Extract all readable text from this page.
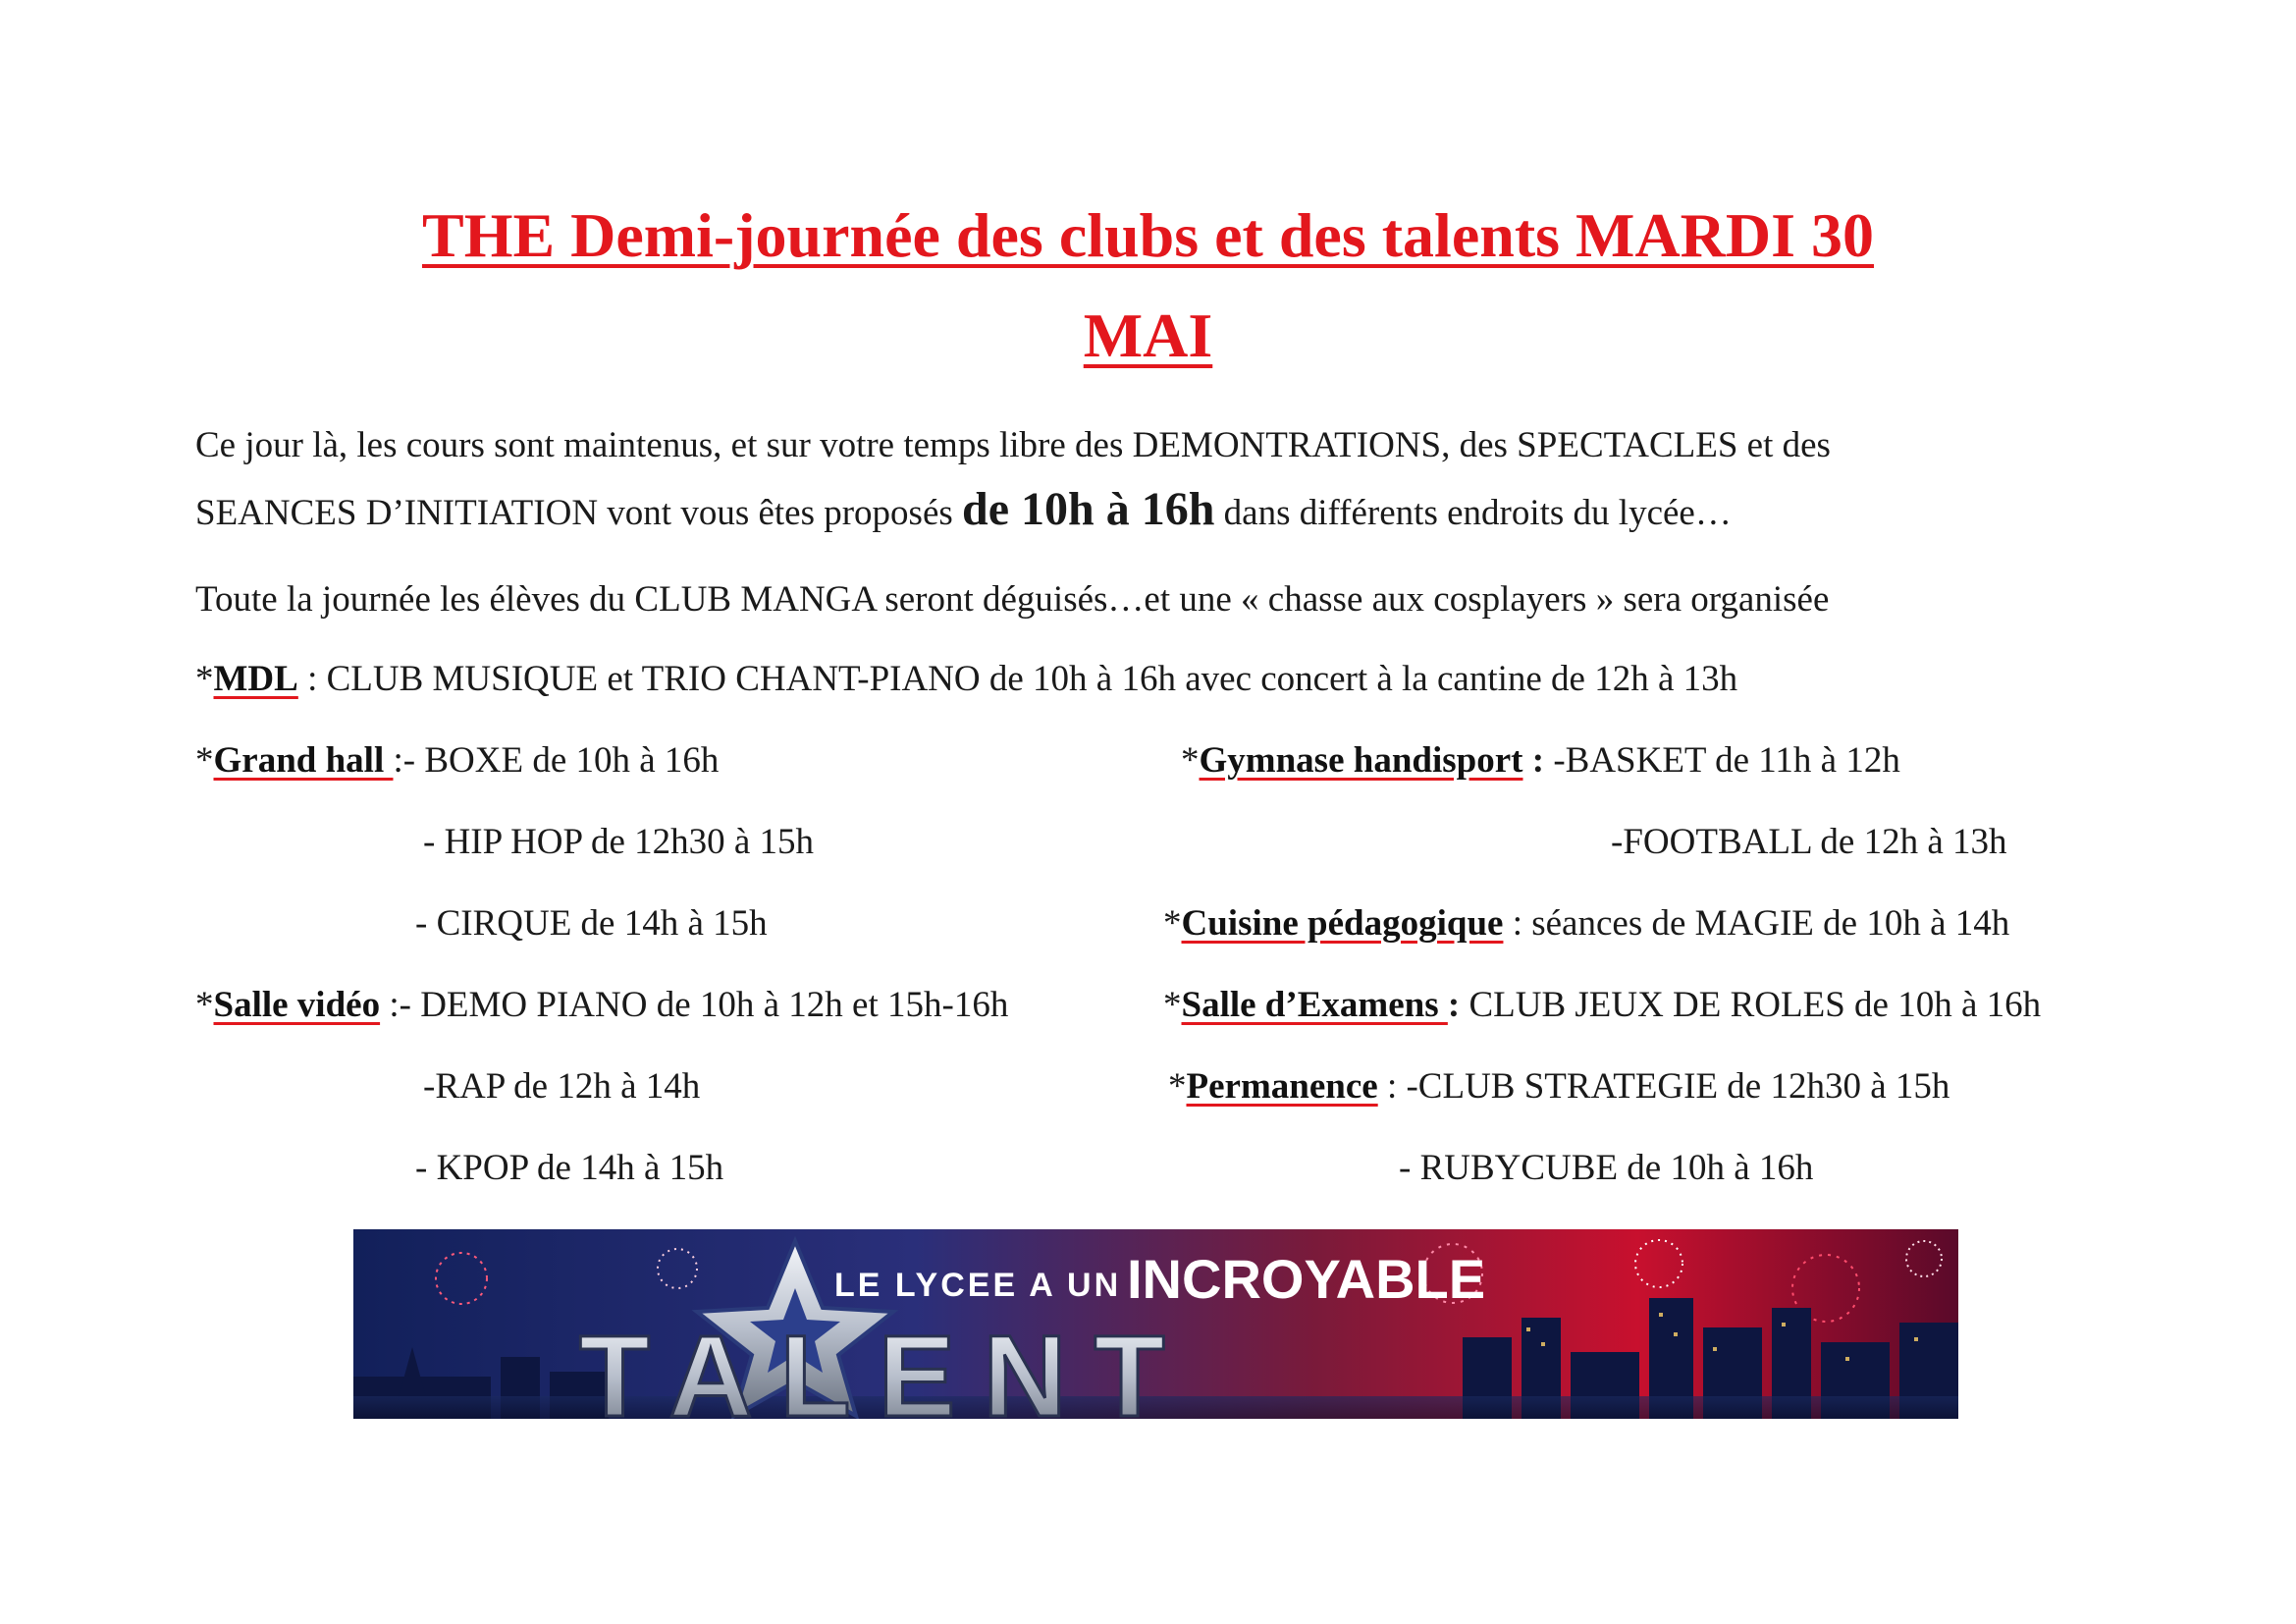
THE Demi-journée des clubs et des talents MARDI 30
MAI
Ce jour là, les cours sont maintenus, et sur votre temps libre des DEMONTRATIONS, des SPECTACLES et des
SEANCES D’INITIATION vont vous êtes proposés de 10h à 16h dans différents endroits du lycée…
Toute la journée les élèves du CLUB MANGA seront déguisés…et une « chasse aux cosplayers » sera organisée
*MDL : CLUB MUSIQUE et TRIO CHANT-PIANO de 10h à 16h avec concert à la cantine de 12h à 13h
*Grand hall :- BOXE de 10h à 16h
- HIP HOP de 12h30 à 15h
- CIRQUE de 14h à 15h
*Salle vidéo :- DEMO PIANO de 10h à 12h et 15h-16h
-RAP de 12h à 14h
- KPOP de 14h à 15h
*Gymnase handisport : -BASKET de 11h à 12h
-FOOTBALL de 12h à 13h
*Cuisine pédagogique : séances de MAGIE de 10h à 14h
*Salle d’Examens : CLUB JEUX DE ROLES de 10h à 16h
*Permanence : -CLUB STRATEGIE de 12h30 à 15h
- RUBYCUBE de 10h à 16h
LE LYCEE A UN INCROYABLE
TALENT
